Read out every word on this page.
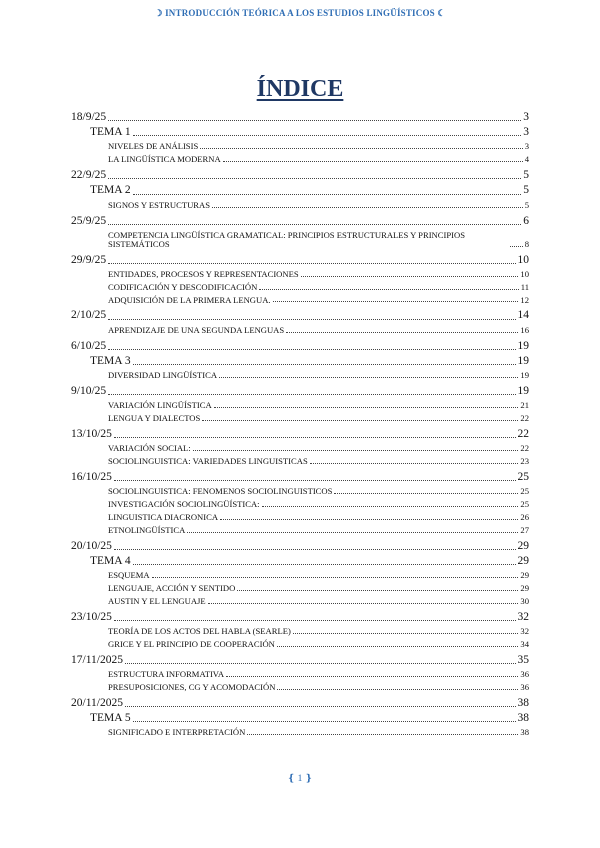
☽ INTRODUCCIÓN TEÓRICA A LOS ESTUDIOS LINGÜÍSTICOS ☾
ÍNDICE
18/9/25	3
TEMA 1	3
NIVELES DE ANÁLISIS	3
LA LINGÜÍSTICA MODERNA	4
22/9/25	5
TEMA 2	5
SIGNOS Y ESTRUCTURAS	5
25/9/25	6
COMPETENCIA LINGÜÍSTICA GRAMATICAL: PRINCIPIOS ESTRUCTURALES Y PRINCIPIOS SISTEMÁTICOS	8
29/9/25	10
ENTIDADES, PROCESOS Y REPRESENTACIONES	10
CODIFICACIÓN Y DESCODIFICACIÓN	11
ADQUISICIÓN DE LA PRIMERA LENGUA.	12
2/10/25	14
APRENDIZAJE DE UNA SEGUNDA LENGUAS	16
6/10/25	19
TEMA 3	19
DIVERSIDAD LINGÜÍSTICA	19
9/10/25	19
VARIACIÓN LINGÜÍSTICA	21
LENGUA Y DIALECTOS	22
13/10/25	22
VARIACIÓN SOCIAL:	22
SOCIOLINGUISTICA: VARIEDADES LINGUISTICAS	23
16/10/25	25
SOCIOLINGUISTICA: FENOMENOS SOCIOLINGUISTICOS	25
INVESTIGACIÓN SOCIOLINGÜÍSTICA:	25
LINGUISTICA DIACRONICA	26
ETNOLINGÜÍSTICA	27
20/10/25	29
TEMA 4	29
ESQUEMA	29
LENGUAJE, ACCIÓN Y SENTIDO	29
AUSTIN Y EL LENGUAJE	30
23/10/25	32
TEORÍA DE LOS ACTOS DEL HABLA (SEARLE)	32
GRICE Y EL PRINCIPIO DE COOPERACIÓN	34
17/11/2025	35
ESTRUCTURA INFORMATIVA	36
PRESUPOSICIONES, CG Y ACOMODACIÓN	36
20/11/2025	38
TEMA 5	38
SIGNIFICADO E INTERPRETACIÓN	38
❴ 1 ❵
